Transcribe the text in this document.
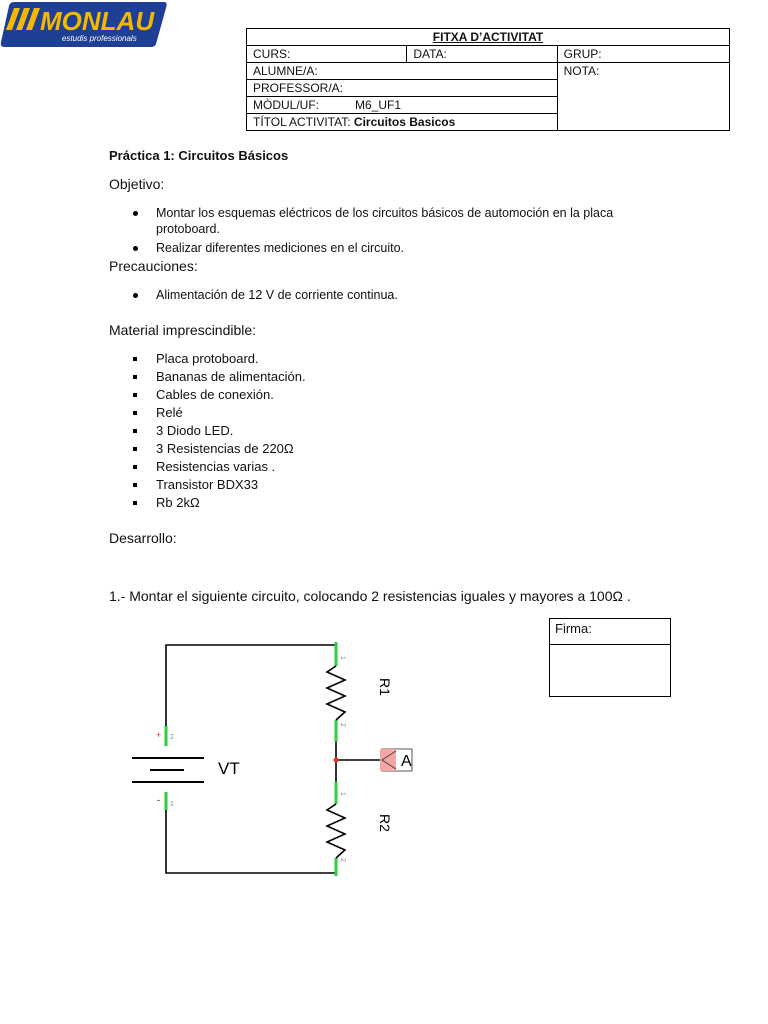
MONLAU
estudis professionals	FITXA D’ACTIVITAT		
CURS:	DATA:	GRUP:
ALUMNE/A:		NOTA:
PROFESSOR/A:		
MÒDUL/UF: M6_UF1		
TÍTOL ACTIVITAT: Circuitos Basicos		
Práctica 1: Circuitos Básicos
Objetivo:
Montar los esquemas eléctricos de los circuitos básicos de automoción en la placa
protoboard.
Realizar diferentes mediciones en el circuito.
Precauciones:
Alimentación de 12 V de corriente continua.
Material imprescindible:
Placa protoboard.
Bananas de alimentación.
Cables de conexión.
Relé
3 Diodo LED.
3 Resistencias de 220Ω
Resistencias varias .
Transistor BDX33
Rb 2kΩ
Desarrollo:
1.- Montar el siguiente circuito, colocando 2 resistencias iguales y mayores a 100Ω .
Firma:
A
VT
R1
R2
+ 2
- 1
1
2
1
2
